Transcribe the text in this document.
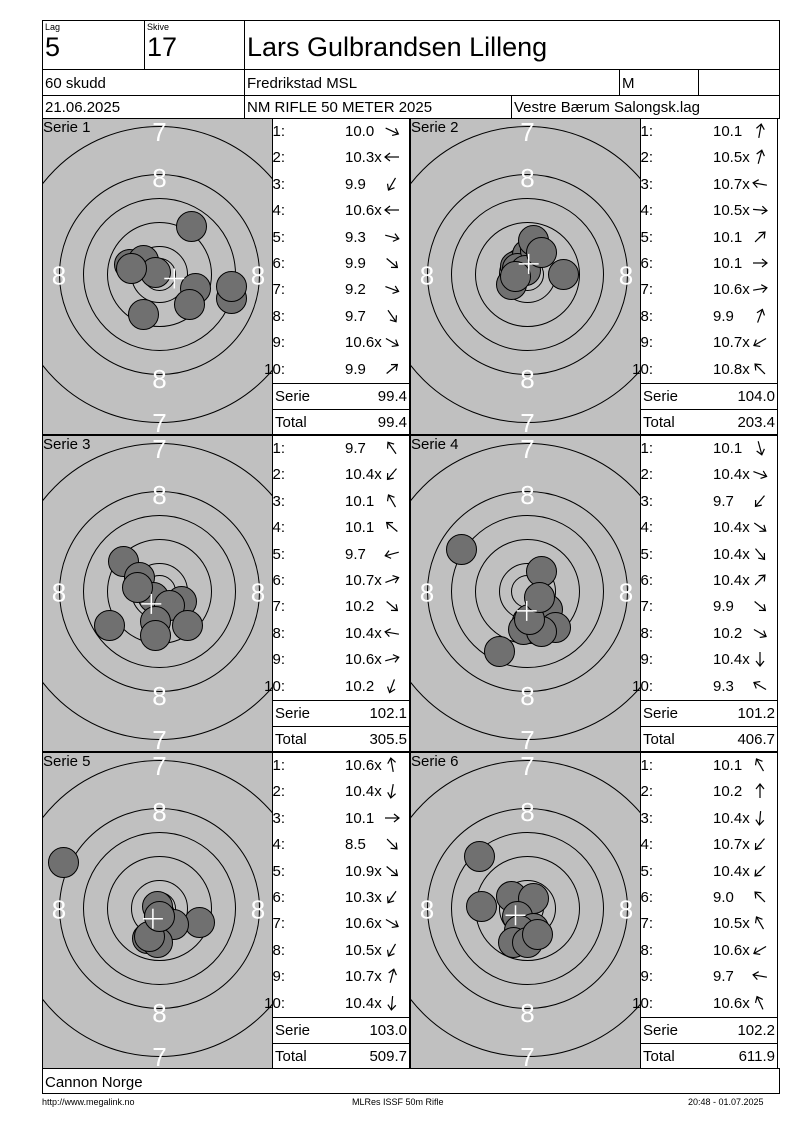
Lag
5
Skive
17	Lars Gulbrandsen Lilleng
60 skudd	Fredrikstad MSL	M
21.06.2025	NM RIFLE 50 METER 2025	Vestre Bærum Salongsk.lag
7
8
8
7
8	8
Serie 1	1:	10.0
2:	10.3x
3:	9.9
4:	10.6x
5:	9.3
6:	9.9
7:	9.2
8:	9.7
9:	10.6x
10:	9.9
Serie	99.4
Total	99.4
7
8
8
7
8	8
Serie 2	1:	10.1
2:	10.5x
3:	10.7x
4:	10.5x
5:	10.1
6:	10.1
7:	10.6x
8:	9.9
9:	10.7x
10:	10.8x
Serie	104.0
Total	203.4
7
8
8
7
8	8
Serie 3	1:	9.7
2:	10.4x
3:	10.1
4:	10.1
5:	9.7
6:	10.7x
7:	10.2
8:	10.4x
9:	10.6x
10:	10.2
Serie	102.1
Total	305.5
7
8
8
7
8	8
Serie 4	1:	10.1
2:	10.4x
3:	9.7
4:	10.4x
5:	10.4x
6:	10.4x
7:	9.9
8:	10.2
9:	10.4x
10:	9.3
Serie	101.2
Total	406.7
7
8
8
7
8	8
Serie 5	1:	10.6x
2:	10.4x
3:	10.1
4:	8.5
5:	10.9x
6:	10.3x
7:	10.6x
8:	10.5x
9:	10.7x
10:	10.4x
Serie	103.0
Total	509.7
7
8
8
7
8	8
Serie 6	1:	10.1
2:	10.2
3:	10.4x
4:	10.7x
5:	10.4x
6:	9.0
7:	10.5x
8:	10.6x
9:	9.7
10:	10.6x
Serie	102.2
Total	611.9
Cannon Norge
http://www.megalink.no	MLRes ISSF 50m Rifle	20:48 - 01.07.2025
